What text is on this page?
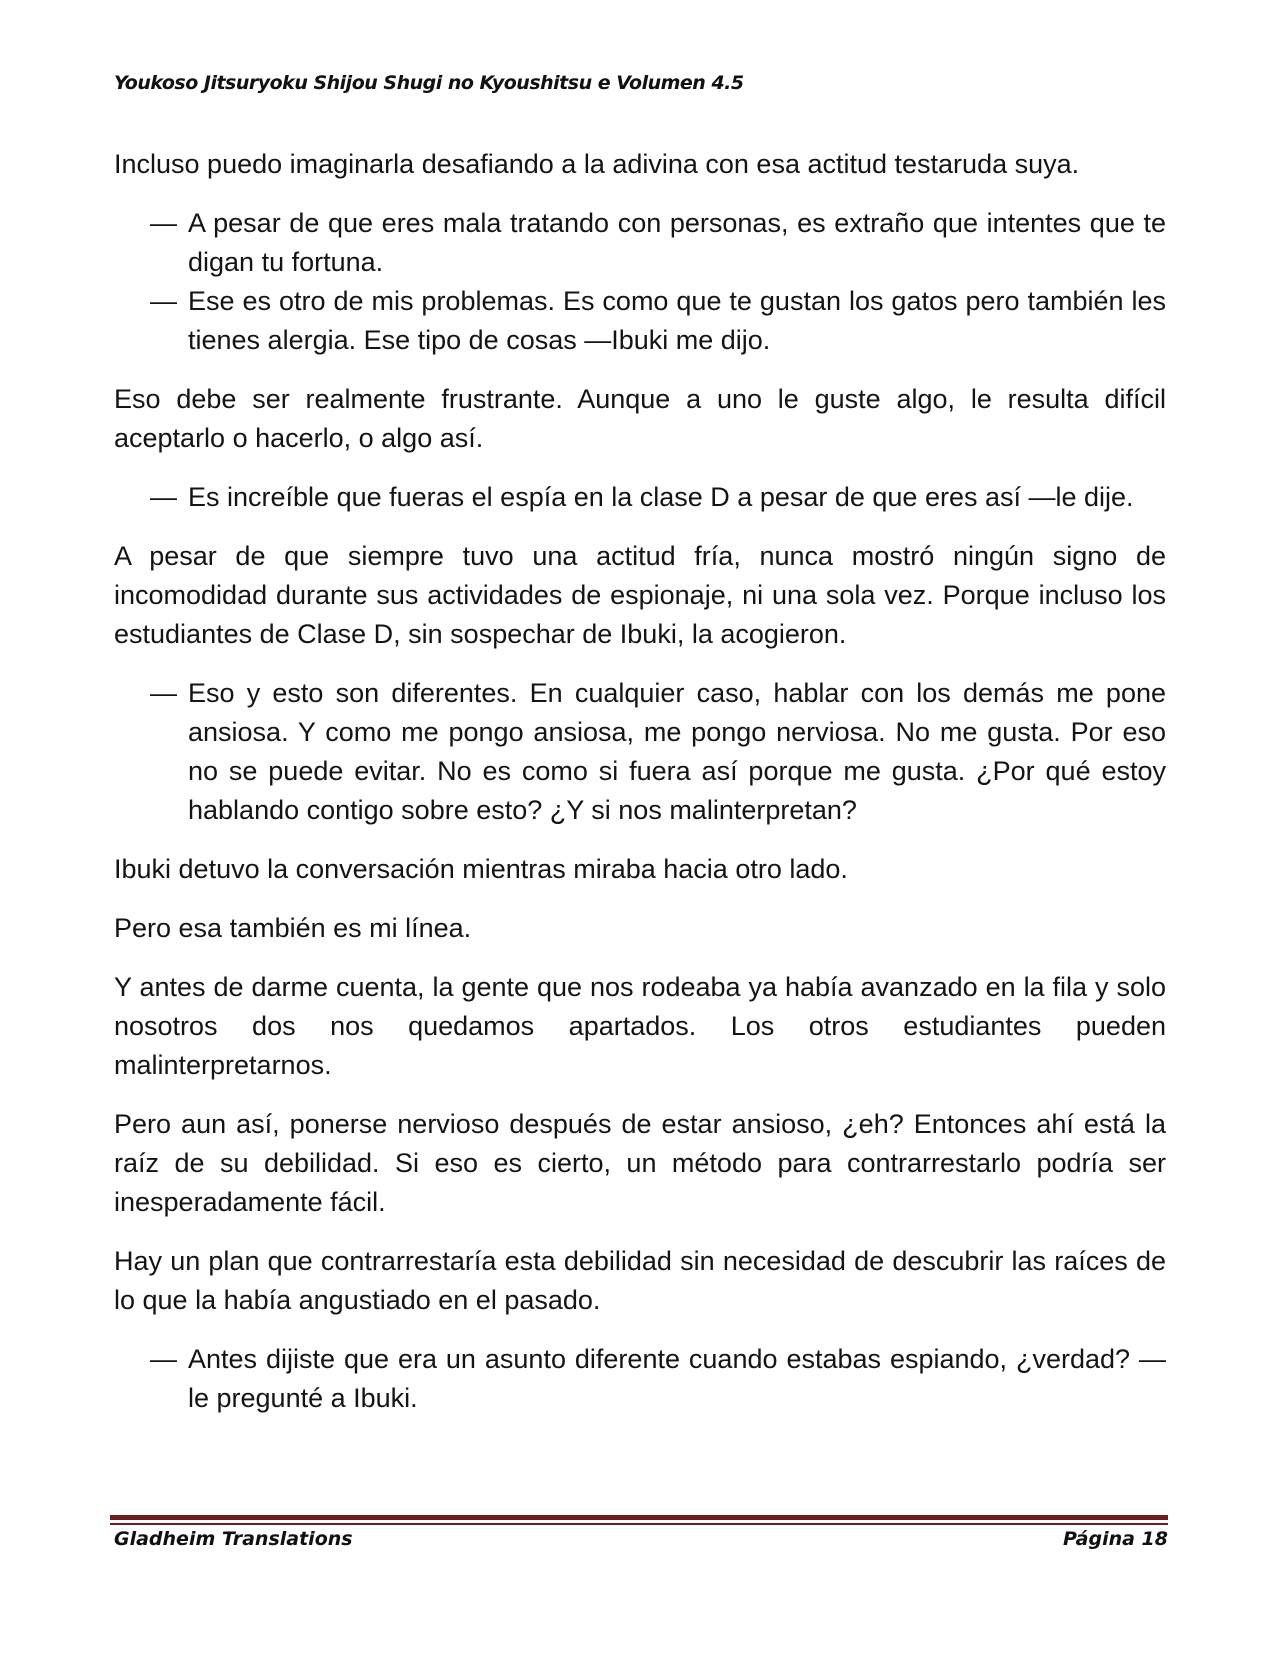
Youkoso Jitsuryoku Shijou Shugi no Kyoushitsu e Volumen 4.5

Incluso puedo imaginarla desafiando a la adivina con esa actitud testaruda suya.

— A pesar de que eres mala tratando con personas, es extraño que intentes que te digan tu fortuna.

— Ese es otro de mis problemas. Es como que te gustan los gatos pero también les tienes alergia. Ese tipo de cosas —Ibuki me dijo.

Eso debe ser realmente frustrante. Aunque a uno le guste algo, le resulta difícil aceptarlo o hacerlo, o algo así.

— Es increíble que fueras el espía en la clase D a pesar de que eres así —le dije.

A pesar de que siempre tuvo una actitud fría, nunca mostró ningún signo de incomodidad durante sus actividades de espionaje, ni una sola vez. Porque incluso los estudiantes de Clase D, sin sospechar de Ibuki, la acogieron.

— Eso y esto son diferentes. En cualquier caso, hablar con los demás me pone ansiosa. Y como me pongo ansiosa, me pongo nerviosa. No me gusta. Por eso no se puede evitar. No es como si fuera así porque me gusta. ¿Por qué estoy hablando contigo sobre esto? ¿Y si nos malinterpretan?

Ibuki detuvo la conversación mientras miraba hacia otro lado.

Pero esa también es mi línea.

Y antes de darme cuenta, la gente que nos rodeaba ya había avanzado en la fila y solo nosotros dos nos quedamos apartados. Los otros estudiantes pueden malinterpretarnos.

Pero aun así, ponerse nervioso después de estar ansioso, ¿eh? Entonces ahí está la raíz de su debilidad. Si eso es cierto, un método para contrarrestarlo podría ser inesperadamente fácil.

Hay un plan que contrarrestaría esta debilidad sin necesidad de descubrir las raíces de lo que la había angustiado en el pasado.

— Antes dijiste que era un asunto diferente cuando estabas espiando, ¿verdad? —le pregunté a Ibuki.

Gladheim Translations	Página 18
